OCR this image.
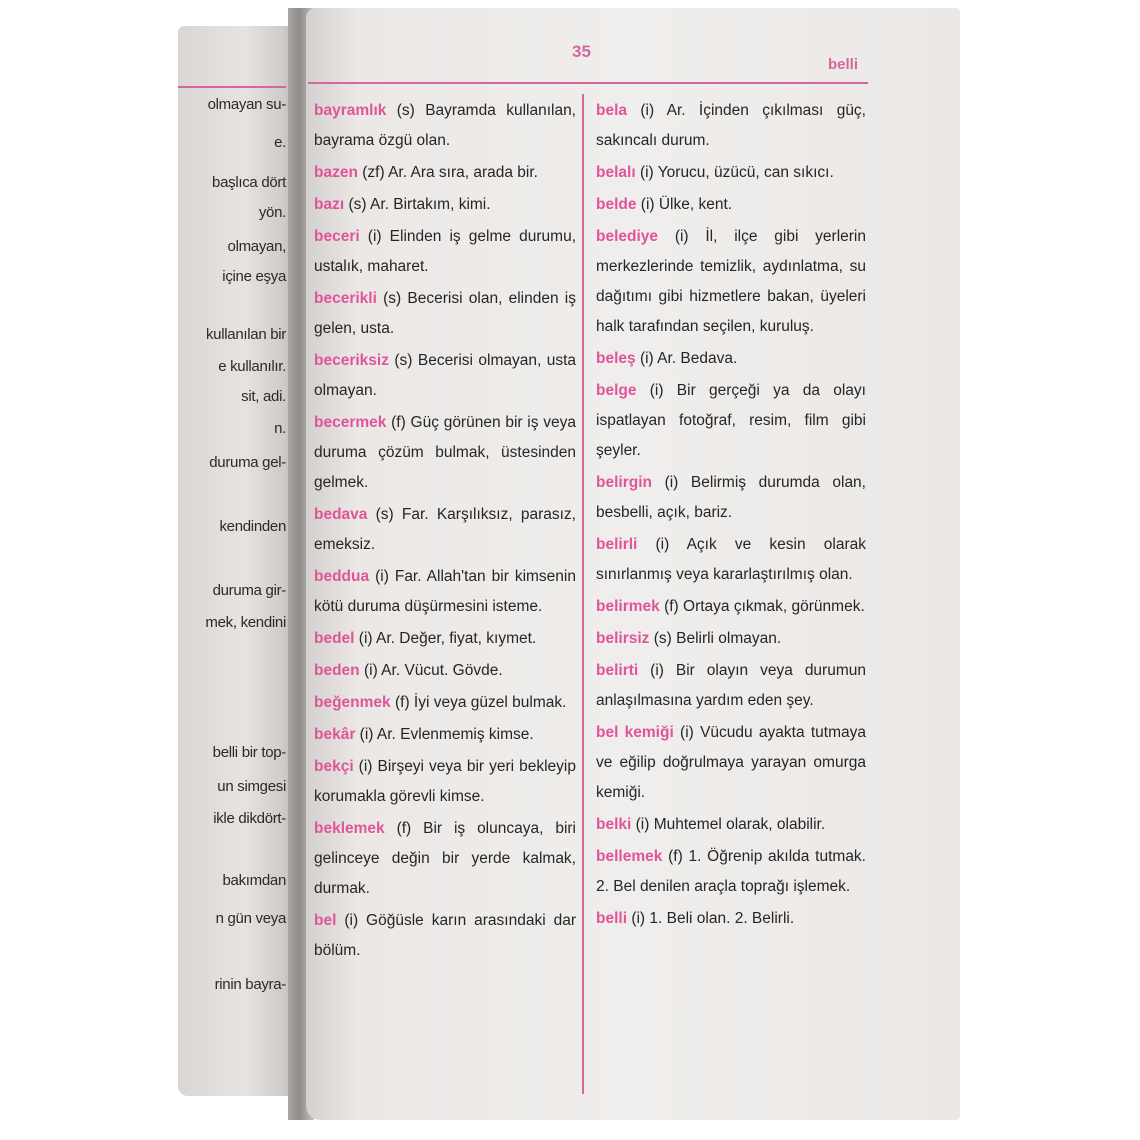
olmayan su-
e.
başlıca dört
yön.
olmayan,
içine eşya
kullanılan bir
e kullanılır.
sit, adi.
n.
duruma gel-
kendinden
duruma gir-
mek, kendini
belli bir top-
un simgesi
ikle dikdört-
bakımdan
n gün veya
rinin bayra-
35
belli
bayramlık (s) Bayramda kullanılan, bayrama özgü olan.
bazen (zf) Ar. Ara sıra, arada bir.
bazı (s) Ar. Birtakım, kimi.
beceri (i) Elinden iş gelme durumu, ustalık, maharet.
becerikli (s) Becerisi olan, elinden iş gelen, usta.
beceriksiz (s) Becerisi olmayan, usta olmayan.
becermek (f) Güç görünen bir iş veya duruma çözüm bulmak, üstesinden gelmek.
bedava (s) Far. Karşılıksız, parasız, emeksiz.
beddua (i) Far. Allah'tan bir kimsenin kötü duruma düşürmesini isteme.
bedel (i) Ar. Değer, fiyat, kıymet.
beden (i) Ar. Vücut. Gövde.
beğenmek (f) İyi veya güzel bulmak.
bekâr (i) Ar. Evlenmemiş kimse.
bekçi (i) Birşeyi veya bir yeri bekleyip korumakla görevli kimse.
beklemek (f) Bir iş oluncaya, biri gelinceye değin bir yerde kalmak, durmak.
bel (i) Göğüsle karın arasındaki dar bölüm.
bela (i) Ar. İçinden çıkılması güç, sakıncalı durum.
belalı (i) Yorucu, üzücü, can sıkıcı.
belde (i) Ülke, kent.
belediye (i) İl, ilçe gibi yerlerin merkezlerinde temizlik, aydınlatma, su dağıtımı gibi hizmetlere bakan, üyeleri halk tarafından seçilen, kuruluş.
beleş (i) Ar. Bedava.
belge (i) Bir gerçeği ya da olayı ispatlayan fotoğraf, resim, film gibi şeyler.
belirgin (i) Belirmiş durumda olan, besbelli, açık, bariz.
belirli (i) Açık ve kesin olarak sınırlanmış veya kararlaştırılmış olan.
belirmek (f) Ortaya çıkmak, görünmek.
belirsiz (s) Belirli olmayan.
belirti (i) Bir olayın veya durumun anlaşılmasına yardım eden şey.
bel kemiği (i) Vücudu ayakta tutmaya ve eğilip doğrulmaya yarayan omurga kemiği.
belki (i) Muhtemel olarak, olabilir.
bellemek (f) 1. Öğrenip akılda tutmak. 2. Bel denilen araçla toprağı işlemek.
belli (i) 1. Beli olan. 2. Belirli.
